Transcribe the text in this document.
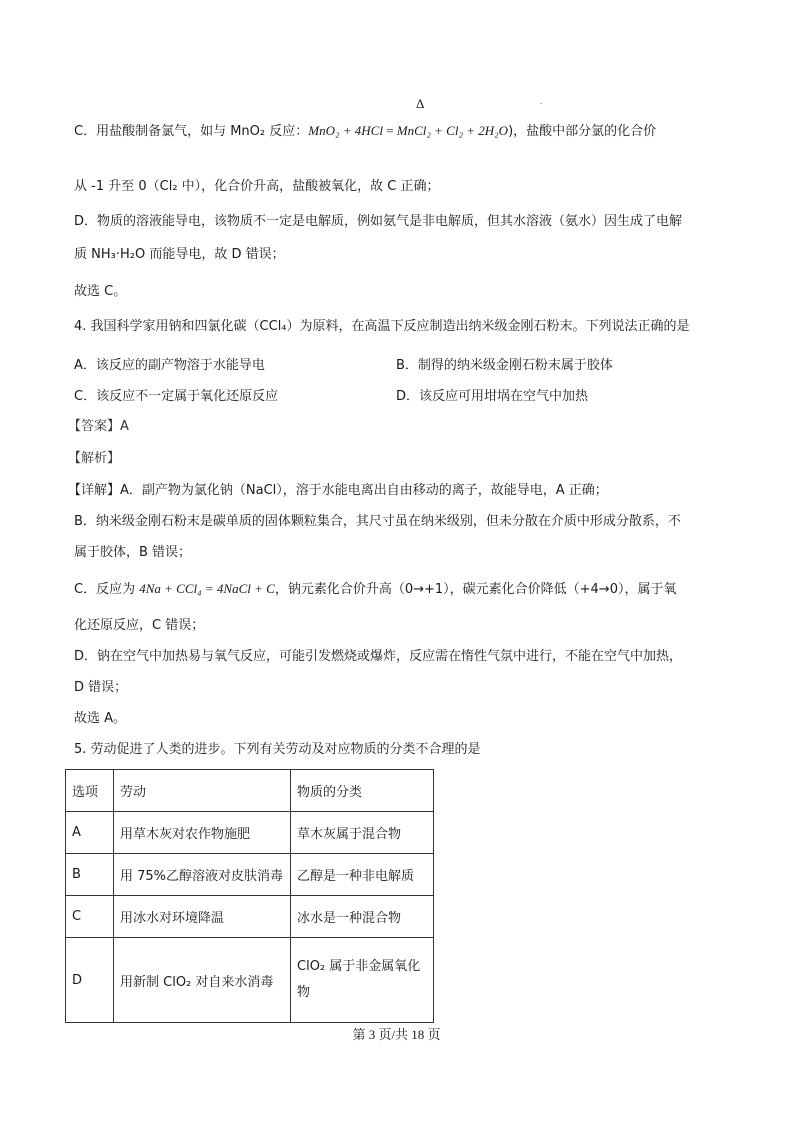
Δ
C．用盐酸制备氯气，如与 MnO₂ 反应：MnO₂ + 4HCl = MnCl₂ + Cl₂ + 2H₂O)，盐酸中部分氯的化合价
从 -1 升至 0（Cl₂ 中），化合价升高，盐酸被氧化，故 C 正确；
D．物质的溶液能导电，该物质不一定是电解质，例如氨气是非电解质，但其水溶液（氨水）因生成了电解
质 NH₃·H₂O 而能导电，故 D 错误；
故选 C。
4. 我国科学家用钠和四氯化碳（CCl₄）为原料，在高温下反应制造出纳米级金刚石粉末。下列说法正确的是
A．该反应的副产物溶于水能导电	B．制得的纳米级金刚石粉末属于胶体
C．该反应不一定属于氧化还原反应	D．该反应可用坩埚在空气中加热
【答案】A
【解析】
【详解】A．副产物为氯化钠（NaCl），溶于水能电离出自由移动的离子，故能导电，A 正确；
B．纳米级金刚石粉末是碳单质的固体颗粒集合，其尺寸虽在纳米级别，但未分散在介质中形成分散系，不
属于胶体，B 错误；
C．反应为 4Na + CCl₄ = 4NaCl + C，钠元素化合价升高（0→+1），碳元素化合价降低（+4→0），属于氧
化还原反应，C 错误；
D．钠在空气中加热易与氧气反应，可能引发燃烧或爆炸，反应需在惰性气氛中进行，不能在空气中加热，
D 错误；
故选 A。
5. 劳动促进了人类的进步。下列有关劳动及对应物质的分类不合理的是
选项	劳动	物质的分类
A	用草木灰对农作物施肥	草木灰属于混合物
B	用 75%乙醇溶液对皮肤消毒	乙醇是一种非电解质
C	用冰水对环境降温	冰水是一种混合物
D	用新制 ClO₂ 对自来水消毒	ClO₂ 属于非金属氧化物
第 3 页/共 18 页
